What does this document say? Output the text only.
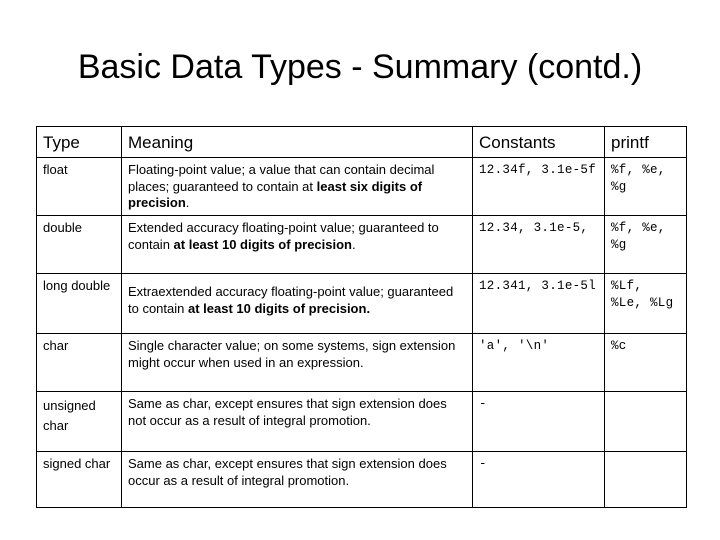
Basic Data Types - Summary (contd.)
Type	Meaning	Constants	printf
float	Floating-point value; a value that can contain decimal places; guaranteed to contain at least six digits of precision.	12.34f, 3.1e-5f	%f, %e, %g
double	Extended accuracy floating-point value; guaranteed to contain at least 10 digits of precision.	12.34, 3.1e-5,	%f, %e, %g
long double	Extraextended accuracy floating-point value; guaranteed to contain at least 10 digits of precision.	12.341, 3.1e-5l	%Lf, %Le, %Lg
char	Single character value; on some systems, sign extension might occur when used in an expression.	'a', '\n'	%c
unsigned char	Same as char, except ensures that sign extension does not occur as a result of integral promotion.	-	
signed char	Same as char, except ensures that sign extension does occur as a result of integral promotion.	-	
